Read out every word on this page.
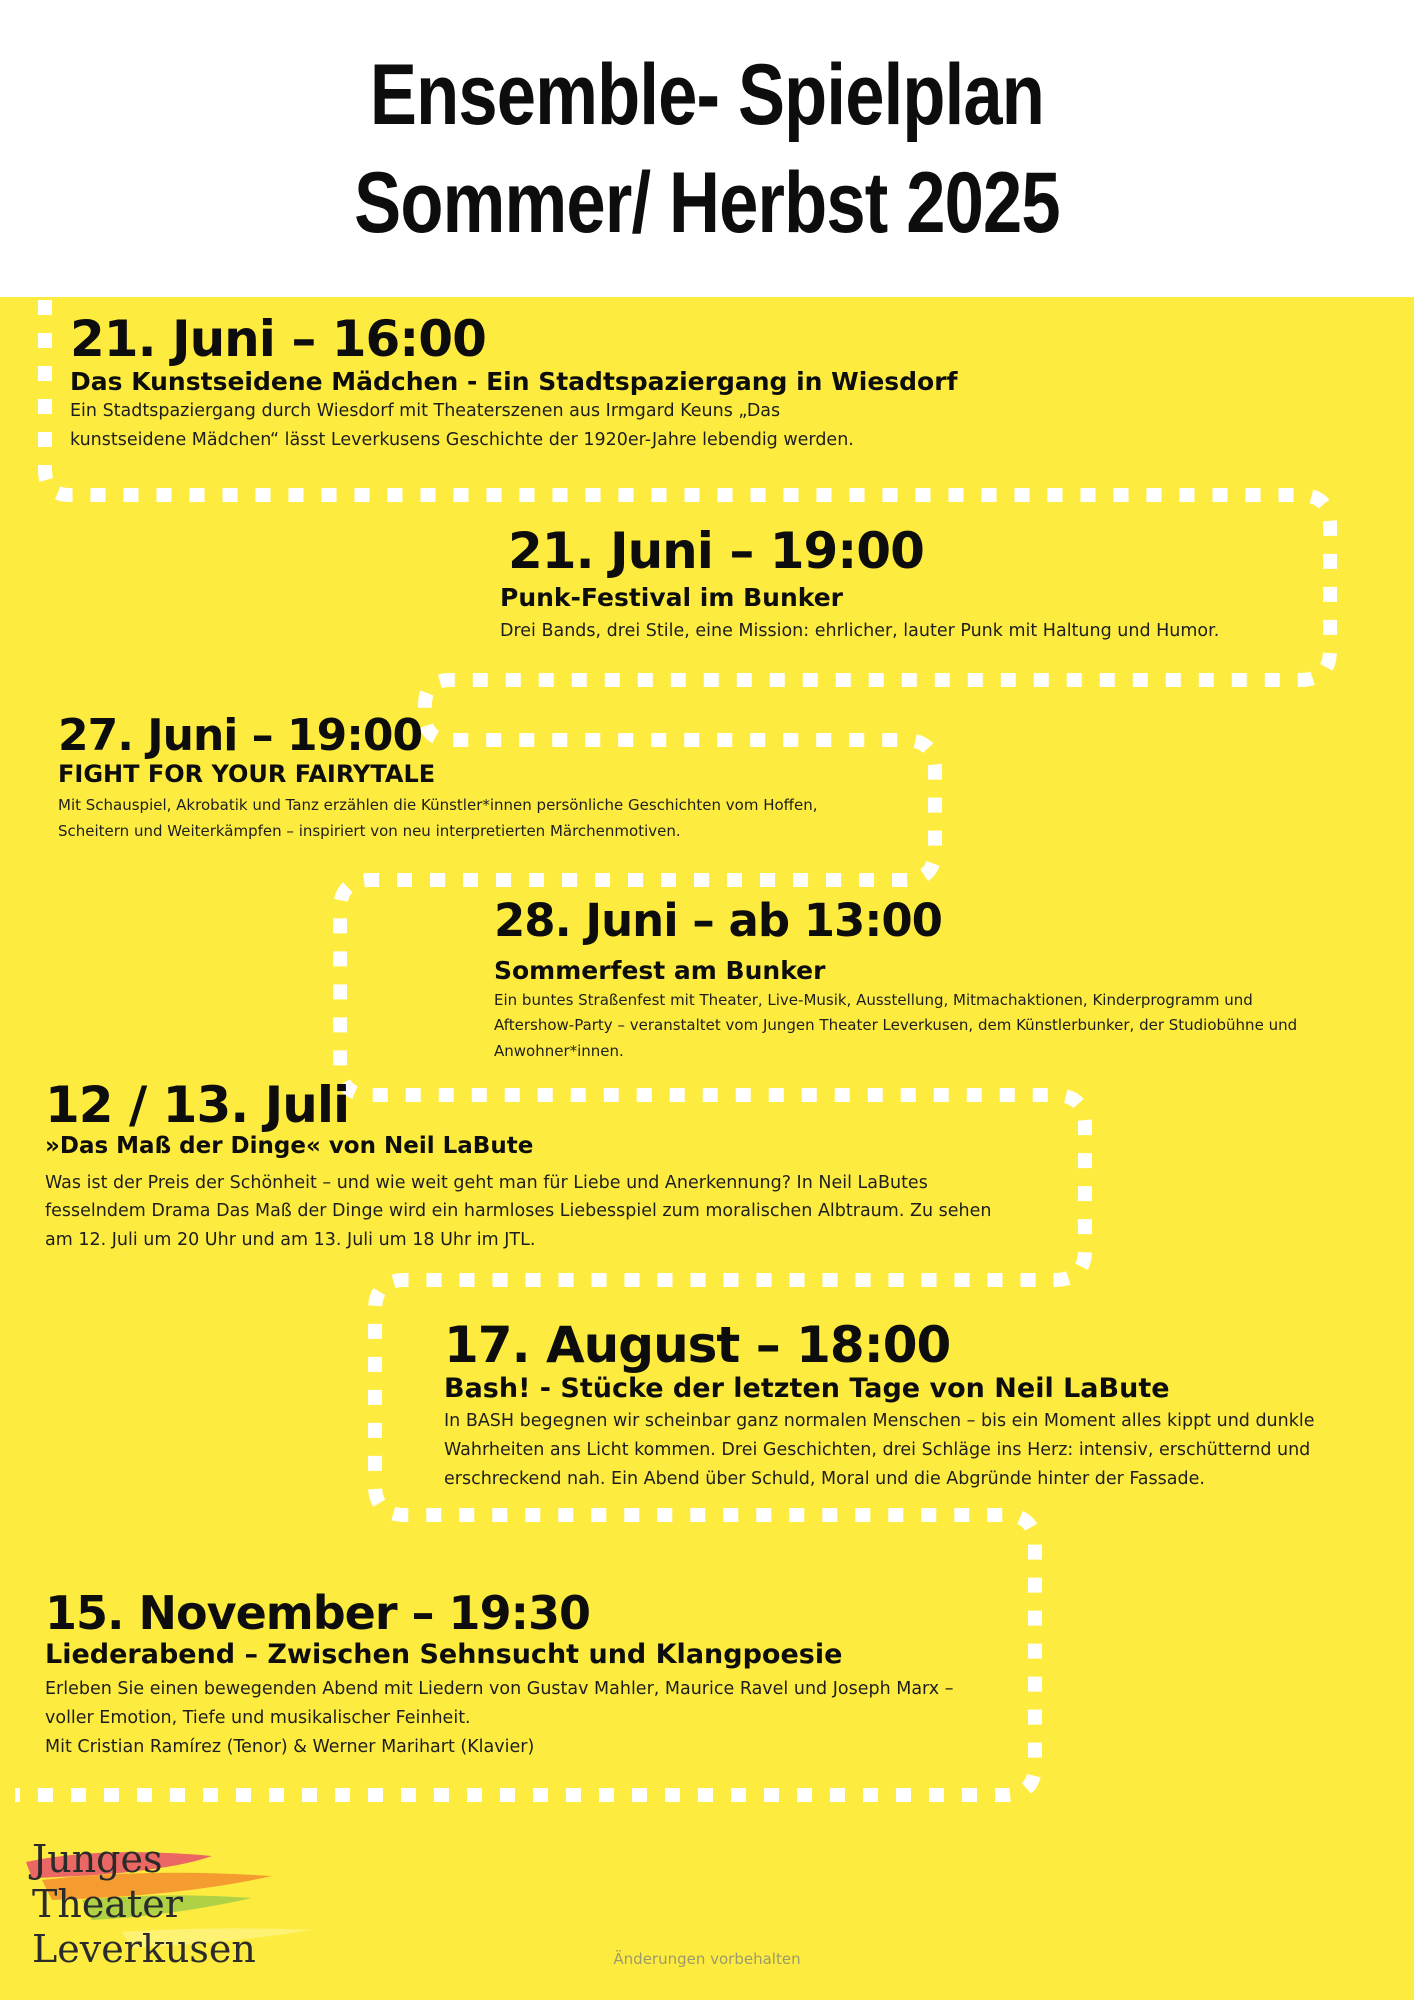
Ensemble- Spielplan
Sommer/ Herbst 2025
21. Juni – 16:00
Das Kunstseidene Mädchen - Ein Stadtspaziergang in Wiesdorf
Ein Stadtspaziergang durch Wiesdorf mit Theaterszenen aus Irmgard Keuns „Das
kunstseidene Mädchen“ lässt Leverkusens Geschichte der 1920er-Jahre lebendig werden.
21. Juni – 19:00
Punk-Festival im Bunker
Drei Bands, drei Stile, eine Mission: ehrlicher, lauter Punk mit Haltung und Humor.
27. Juni – 19:00
FIGHT FOR YOUR FAIRYTALE
Mit Schauspiel, Akrobatik und Tanz erzählen die Künstler*innen persönliche Geschichten vom Hoffen,
Scheitern und Weiterkämpfen – inspiriert von neu interpretierten Märchenmotiven.
28. Juni – ab 13:00
Sommerfest am Bunker
Ein buntes Straßenfest mit Theater, Live-Musik, Ausstellung, Mitmachaktionen, Kinderprogramm und
Aftershow-Party – veranstaltet vom Jungen Theater Leverkusen, dem Künstlerbunker, der Studiobühne und
Anwohner*innen.
12 / 13. Juli
»Das Maß der Dinge« von Neil LaBute
Was ist der Preis der Schönheit – und wie weit geht man für Liebe und Anerkennung? In Neil LaButes
fesselndem Drama Das Maß der Dinge wird ein harmloses Liebesspiel zum moralischen Albtraum. Zu sehen
am 12. Juli um 20 Uhr und am 13. Juli um 18 Uhr im JTL.
17. August – 18:00
Bash! - Stücke der letzten Tage von Neil LaBute
In BASH begegnen wir scheinbar ganz normalen Menschen – bis ein Moment alles kippt und dunkle
Wahrheiten ans Licht kommen. Drei Geschichten, drei Schläge ins Herz: intensiv, erschütternd und
erschreckend nah. Ein Abend über Schuld, Moral und die Abgründe hinter der Fassade.
15. November – 19:30
Liederabend – Zwischen Sehnsucht und Klangpoesie
Erleben Sie einen bewegenden Abend mit Liedern von Gustav Mahler, Maurice Ravel und Joseph Marx –
voller Emotion, Tiefe und musikalischer Feinheit.
Mit Cristian Ramírez (Tenor) & Werner Marihart (Klavier)
Junges
Theater
Leverkusen	Änderungen vorbehalten
